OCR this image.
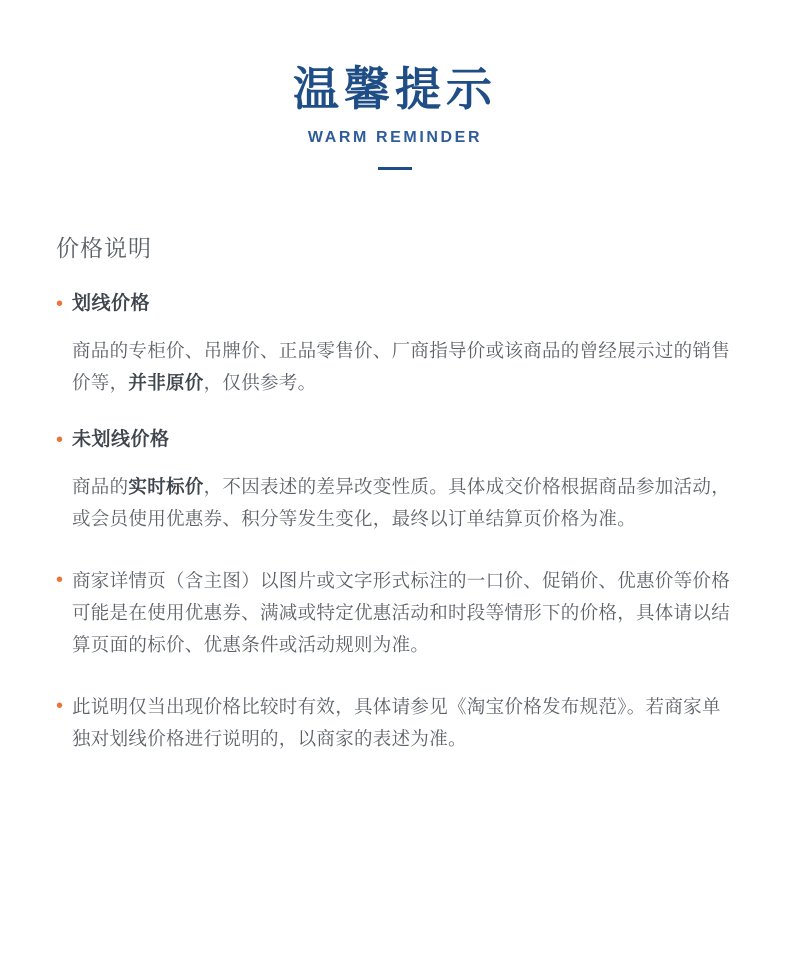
温馨提示
WARM REMINDER
价格说明
• 划线价格
商品的专柜价、吊牌价、正品零售价、厂商指导价或该商品的曾经展示过的销售价等，并非原价，仅供参考。
• 未划线价格
商品的实时标价，不因表述的差异改变性质。具体成交价格根据商品参加活动，或会员使用优惠券、积分等发生变化，最终以订单结算页价格为准。
• 商家详情页（含主图）以图片或文字形式标注的一口价、促销价、优惠价等价格可能是在使用优惠券、满减或特定优惠活动和时段等情形下的价格，具体请以结算页面的标价、优惠条件或活动规则为准。
• 此说明仅当出现价格比较时有效，具体请参见《淘宝价格发布规范》。若商家单独对划线价格进行说明的，以商家的表述为准。
